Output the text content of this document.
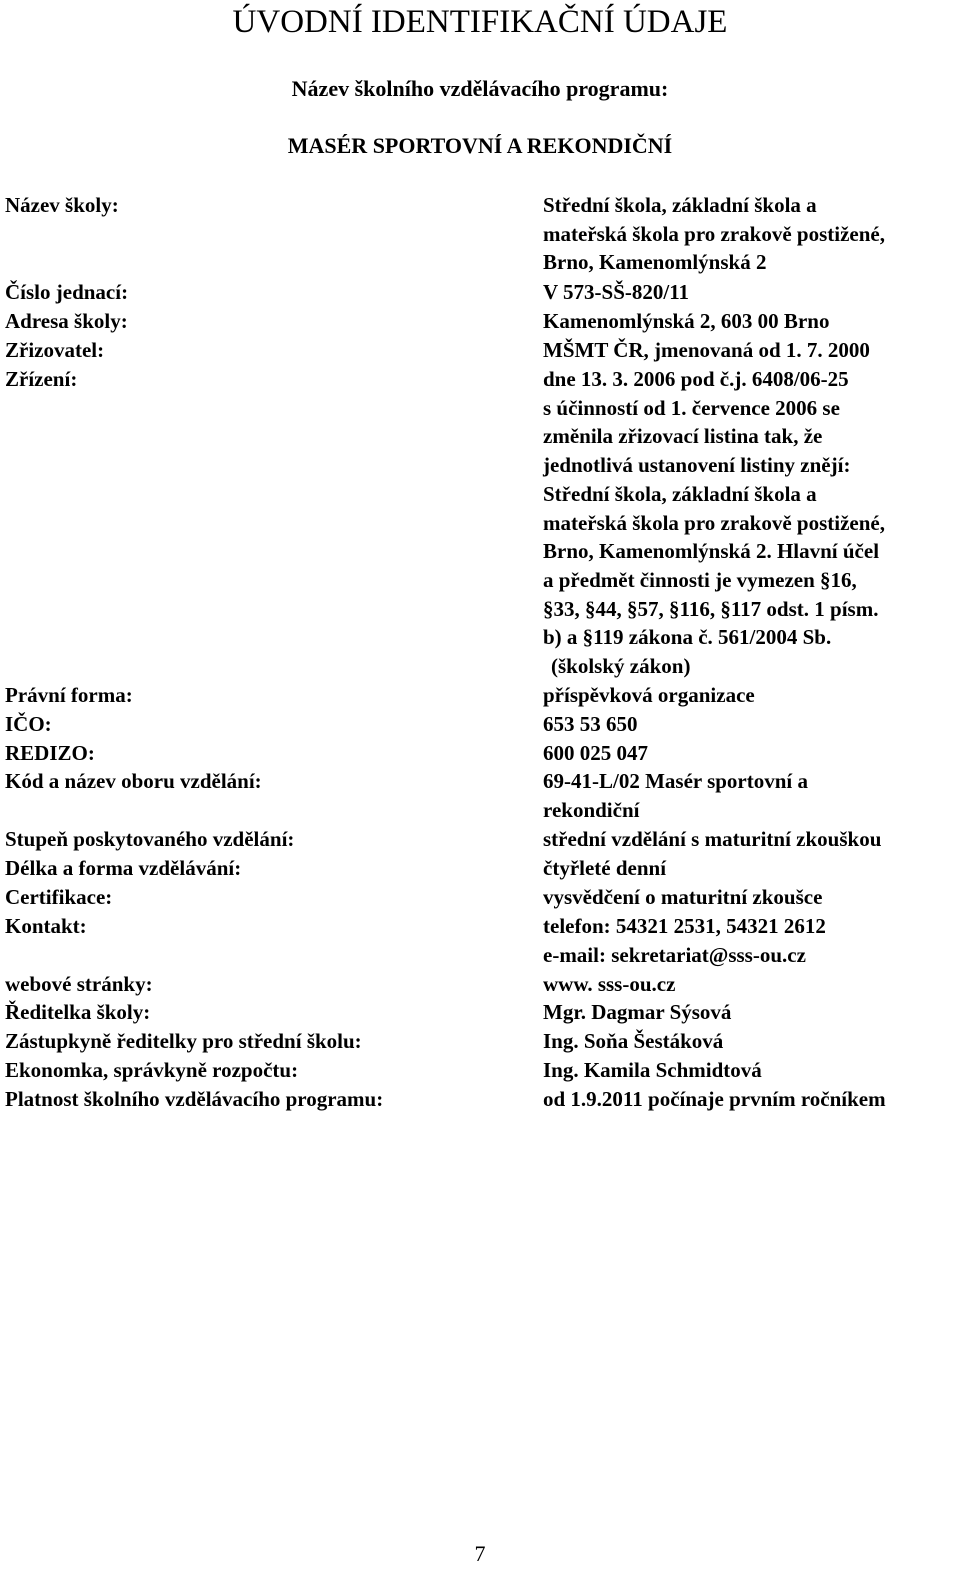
ÚVODNÍ IDENTIFIKAČNÍ ÚDAJE
Název školního vzdělávacího programu:
MASÉR SPORTOVNÍ A REKONDIČNÍ
Název školy:	Střední škola, základní škola a
mateřská škola pro zrakově postižené,
Brno, Kamenomlýnská 2
Číslo jednací:	V 573-SŠ-820/11
Adresa školy:	Kamenomlýnská 2, 603 00 Brno
Zřizovatel:	MŠMT ČR, jmenovaná od 1. 7. 2000
Zřízení:	dne 13. 3. 2006 pod č.j. 6408/06-25
s účinností od 1. července 2006 se
změnila zřizovací listina tak, že
jednotlivá ustanovení listiny znějí:
Střední škola, základní škola a
mateřská škola pro zrakově postižené,
Brno, Kamenomlýnská 2. Hlavní účel
a předmět činnosti je vymezen §16,
§33, §44, §57, §116, §117 odst. 1 písm.
b) a §119 zákona č. 561/2004 Sb.
(školský zákon)
Právní forma:	příspěvková organizace
IČO:	653 53 650
REDIZO:	600 025 047
Kód a název oboru vzdělání:	69-41-L/02 Masér sportovní a
rekondiční
Stupeň poskytovaného vzdělání:	střední vzdělání s maturitní zkouškou
Délka a forma vzdělávání:	čtyřleté denní
Certifikace:	vysvědčení o maturitní zkoušce
Kontakt:	telefon: 54321 2531, 54321 2612
e-mail: sekretariat@sss-ou.cz
webové stránky:	www. sss-ou.cz
Ředitelka školy:	Mgr. Dagmar Sýsová
Zástupkyně ředitelky pro střední školu:	Ing. Soňa Šestáková
Ekonomka, správkyně rozpočtu:	Ing. Kamila Schmidtová
Platnost školního vzdělávacího programu:	od 1.9.2011 počínaje prvním ročníkem
7
